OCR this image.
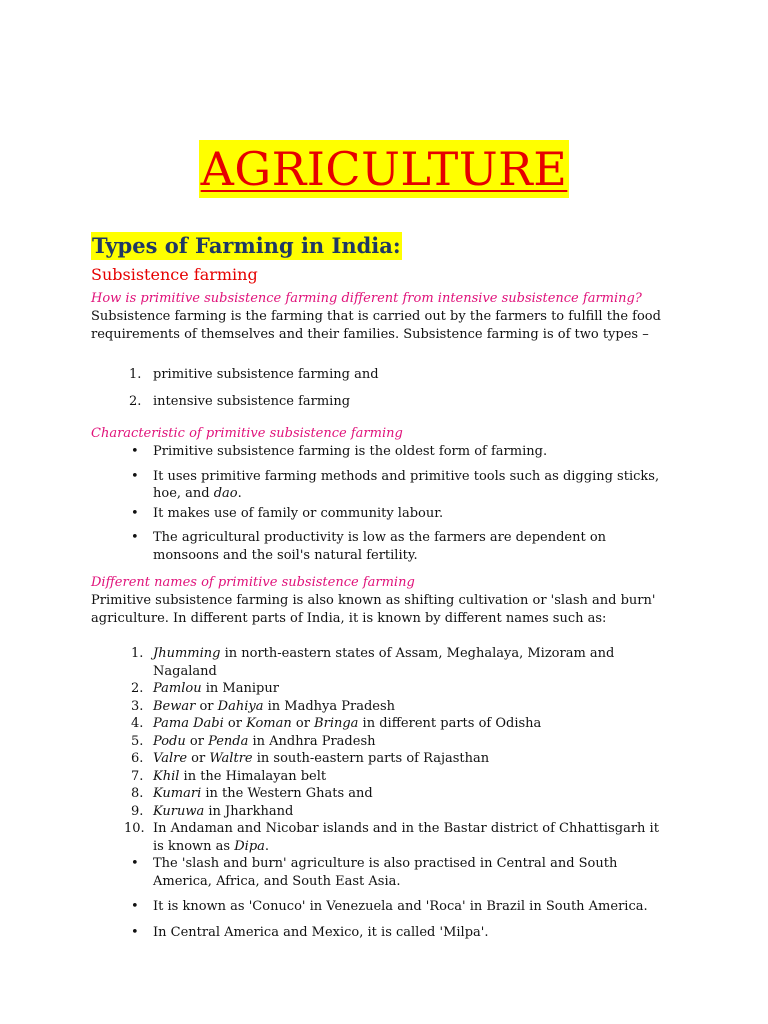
AGRICULTURE
Types of Farming in India:
Subsistence farming
How is primitive subsistence farming different from intensive subsistence farming?

Subsistence farming is the farming that is carried out by the farmers to fulfill the food requirements of themselves and their families. Subsistence farming is of two types –

1. primitive subsistence farming and
2. intensive subsistence farming
Characteristic of primitive subsistence farming
• Primitive subsistence farming is the oldest form of farming.
• It uses primitive farming methods and primitive tools such as digging sticks, hoe, and dao.
• It makes use of family or community labour.
• The agricultural productivity is low as the farmers are dependent on monsoons and the soil's natural fertility.
Different names of primitive subsistence farming

Primitive subsistence farming is also known as shifting cultivation or 'slash and burn' agriculture. In different parts of India, it is known by different names such as:

1. Jhumming in north-eastern states of Assam, Meghalaya, Mizoram and Nagaland
2. Pamlou in Manipur
3. Bewar or Dahiya in Madhya Pradesh
4. Pama Dabi or Koman or Bringa in different parts of Odisha
5. Podu or Penda in Andhra Pradesh
6. Valre or Waltre in south-eastern parts of Rajasthan
7. Khil in the Himalayan belt
8. Kumari in the Western Ghats and
9. Kuruwa in Jharkhand
10. In Andaman and Nicobar islands and in the Bastar district of Chhattisgarh it is known as Dipa.
• The 'slash and burn' agriculture is also practised in Central and South America, Africa, and South East Asia.
• It is known as 'Conuco' in Venezuela and 'Roca' in Brazil in South America.
• In Central America and Mexico, it is called 'Milpa'.
